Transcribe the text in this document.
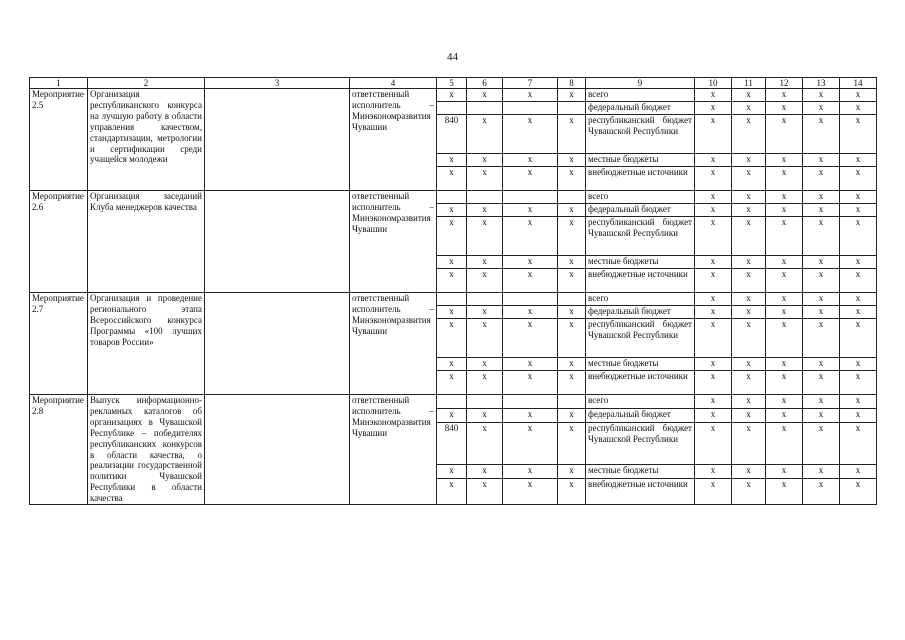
44
1	2	3	4	5	6	7	8	9	10	11	12	13	14
Мероприятие 2.5	Организация республиканского конкурса на лучшую работу в области управления качеством, стандартизации, метрологии и сертификации среди учащейся молодежи		ответственный исполнитель – Минэкономразвития Чувашии	x	x	x	x	всего	x	x	x	x	x
								федеральный бюджет	x	x	x	x	x
				840	x	x	x	республиканский бюджет Чувашской Республики	x	x	x	x	x
				x	x	x	x	местные бюджеты	x	x	x	x	x
				x	x	x	x	внебюджетные источники	x	x	x	x	x
Мероприятие 2.6	Организация заседаний Клуба менеджеров качества		ответственный исполнитель – Минэкономразвития Чувашии					всего	x	x	x	x	x
				x	x	x	x	федеральный бюджет	x	x	x	x	x
				x	x	x	x	республиканский бюджет Чувашской Республики	x	x	x	x	x
				x	x	x	x	местные бюджеты	x	x	x	x	x
				x	x	x	x	внебюджетные источники	x	x	x	x	x
Мероприятие 2.7	Организация и проведение регионального этапа Всероссийского конкурса Программы «100 лучших товаров России»		ответственный исполнитель – Минэкономразвития Чувашии					всего	x	x	x	x	x
				x	x	x	x	федеральный бюджет	x	x	x	x	x
				x	x	x	x	республиканский бюджет Чувашской Республики	x	x	x	x	x
				x	x	x	x	местные бюджеты	x	x	x	x	x
				x	x	x	x	внебюджетные источники	x	x	x	x	x
Мероприятие 2.8	Выпуск информационно-рекламных каталогов об организациях в Чувашской Республике – победителях республиканских конкурсов в области качества, о реализации государственной политики Чувашской Республики в области качества		ответственный исполнитель – Минэкономразвития Чувашии					всего	x	x	x	x	x
				x	x	x	x	федеральный бюджет	x	x	x	x	x
				840	x	x	x	республиканский бюджет Чувашской Республики	x	x	x	x	x
				x	x	x	x	местные бюджеты	x	x	x	x	x
				x	x	x	x	внебюджетные источники	x	x	x	x	x
